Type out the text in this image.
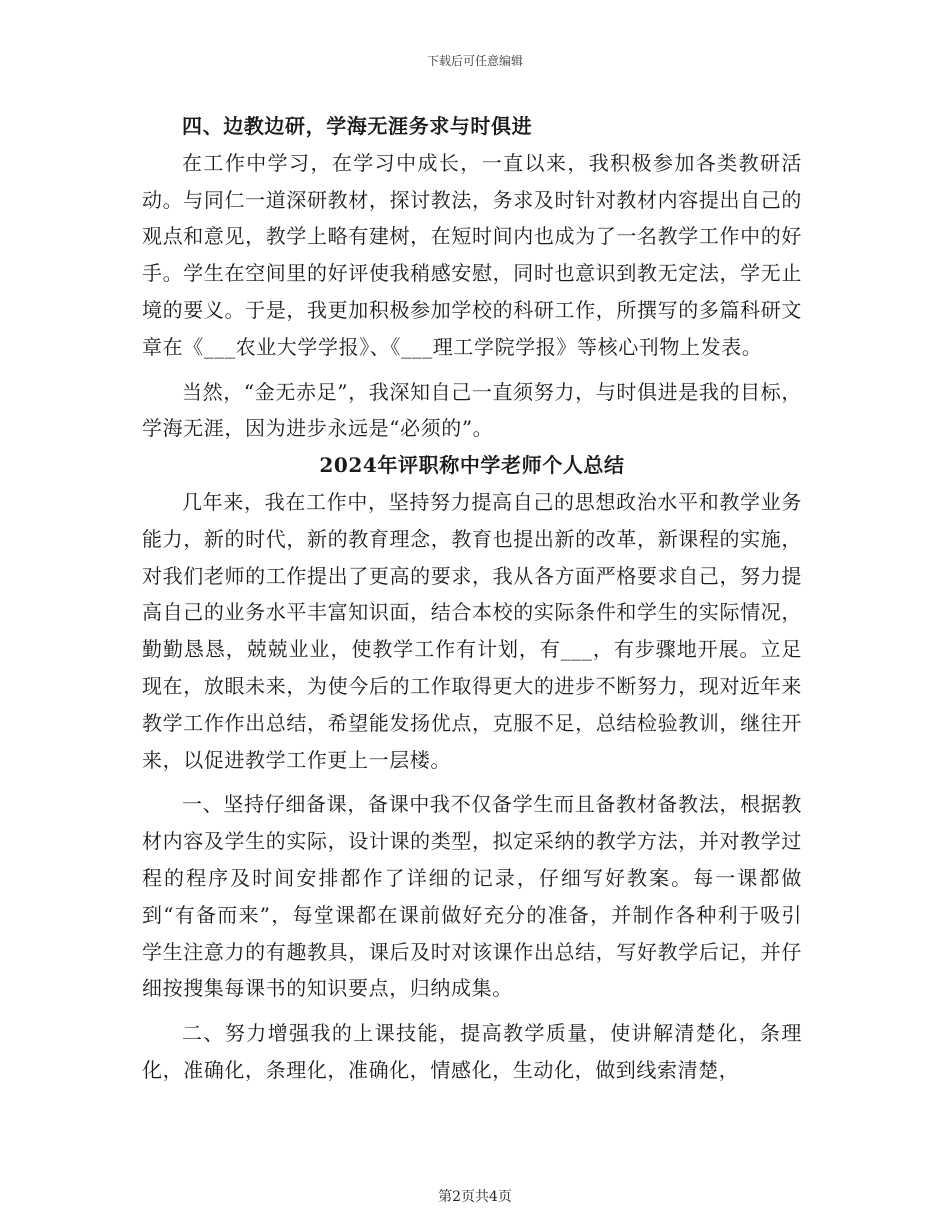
下载后可任意编辑
四、边教边研，学海无涯务求与时俱进

在工作中学习，在学习中成长，一直以来，我积极参加各类教研活动。与同仁一道深研教材，探讨教法，务求及时针对教材内容提出自己的观点和意见，教学上略有建树，在短时间内也成为了一名教学工作中的好手。学生在空间里的好评使我稍感安慰，同时也意识到教无定法，学无止境的要义。于是，我更加积极参加学校的科研工作，所撰写的多篇科研文章在《___农业大学学报》、《___理工学院学报》等核心刊物上发表。

当然，“金无赤足”，我深知自己一直须努力，与时俱进是我的目标，学海无涯，因为进步永远是“必须的”。

2024年评职称中学老师个人总结

几年来，我在工作中，坚持努力提高自己的思想政治水平和教学业务能力，新的时代，新的教育理念，教育也提出新的改革，新课程的实施，对我们老师的工作提出了更高的要求，我从各方面严格要求自己，努力提高自己的业务水平丰富知识面，结合本校的实际条件和学生的实际情况，勤勤恳恳，兢兢业业，使教学工作有计划，有___，有步骤地开展。立足现在，放眼未来，为使今后的工作取得更大的进步不断努力，现对近年来教学工作作出总结，希望能发扬优点，克服不足，总结检验教训，继往开来，以促进教学工作更上一层楼。

一、坚持仔细备课，备课中我不仅备学生而且备教材备教法，根据教材内容及学生的实际，设计课的类型，拟定采纳的教学方法，并对教学过程的程序及时间安排都作了详细的记录，仔细写好教案。每一课都做到“有备而来”，每堂课都在课前做好充分的准备，并制作各种利于吸引学生注意力的有趣教具，课后及时对该课作出总结，写好教学后记，并仔细按搜集每课书的知识要点，归纳成集。

二、努力增强我的上课技能，提高教学质量，使讲解清楚化，条理化，准确化，条理化，准确化，情感化，生动化，做到线索清楚，

第2页共4页
